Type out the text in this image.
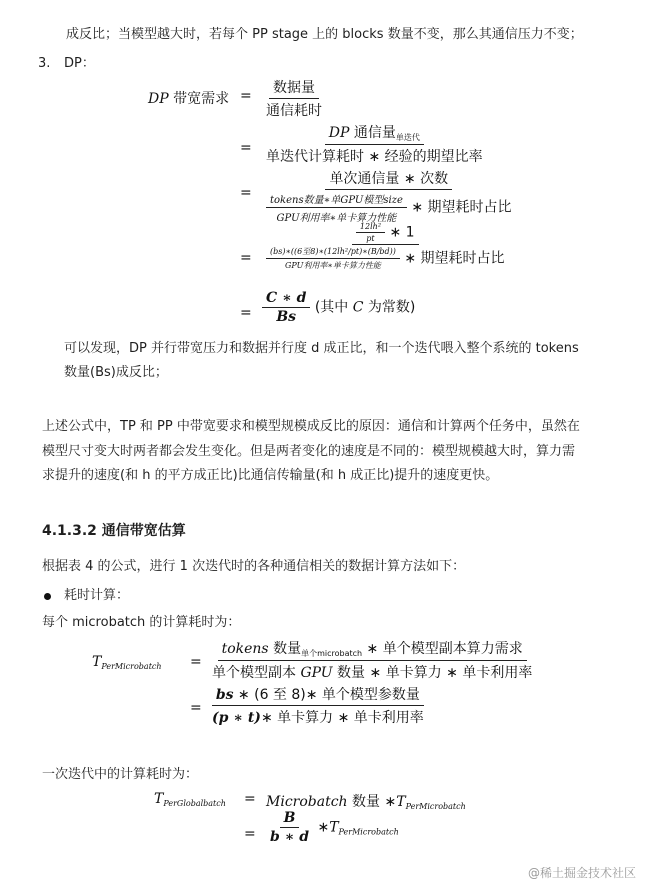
成反比；当模型越大时，若每个 PP stage 上的 blocks 数量不变，那么其通信压力不变；
3. DP：
DP 带宽需求 = $\frac{\text{数据量}}{\text{通信耗时}}$
= $\frac{DP 通信量_{单迭代}}{\text{单迭代计算耗时 ∗ 经验的期望比率}}$
= $\frac{\text{单次通信量 ∗ 次数}}{\frac{\text{tokens数量∗单GPU模型size}}{\text{GPU利用率∗单卡算力性能}} ∗ 期望耗时占比}$
= $\frac{\frac{\text{12lh²}}{pt} ∗ 1}{\frac{\text{(bs)∗((6至8)∗(12lh²/pt)∗(B/bd))}}{\text{GPU利用率∗单卡算力性能}} ∗ 期望耗时占比}$
= $\frac{C ∗ d}{Bs}$ (其中 C 为常数)
可以发现，DP 并行带宽压力和数据并行度 d 成正比，和一个迭代喂入整个系统的 tokens
数量(Bs)成反比；
上述公式中，TP 和 PP 中带宽要求和模型规模成反比的原因：通信和计算两个任务中，虽然在
模型尺寸变大时两者都会发生变化。但是两者变化的速度是不同的：模型规模越大时，算力需
求提升的速度(和 h 的平方成正比)比通信传输量(和 h 成正比)提升的速度更快。
4.1.3.2 通信带宽估算
根据表 4 的公式，进行 1 次迭代时的各种通信相关的数据计算方法如下：
耗时计算：
每个 microbatch 的计算耗时为：
$T_{PerMicrobatch} = \frac{tokens 数量_{单个microbatch} ∗ 单个模型副本算力需求}{\text{单个模型副本 GPU 数量 ∗ 单卡算力 ∗ 单卡利用率}}$
= $\frac{\text{bs ∗ (6 至 8)∗ 单个模型参数量}}{\text{(p ∗ t)∗ 单卡算力 ∗ 单卡利用率}}$
一次迭代中的计算耗时为：
$T_{PerGlobalbatch}$ = Microbatch 数量 $∗T_{PerMicrobatch}$
= $\frac{B}{b ∗ d}$ $∗T_{PerMicrobatch}$
@稀土掘金技术社区
